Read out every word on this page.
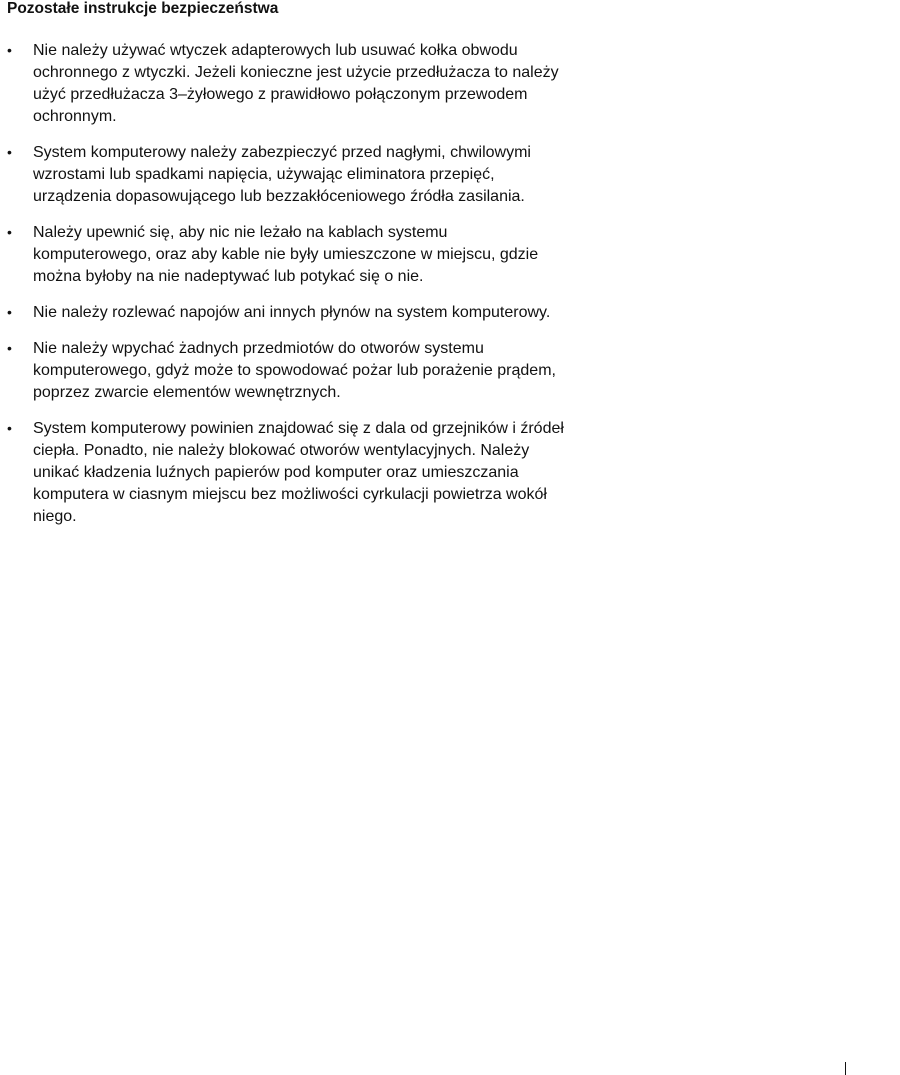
Pozostałe instrukcje bezpieczeństwa
• Nie należy używać wtyczek adapterowych lub usuwać kołka obwodu ochronnego z wtyczki. Jeżeli konieczne jest użycie przedłużacza to należy użyć przedłużacza 3–żyłowego z prawidłowo połączonym przewodem ochronnym.
• System komputerowy należy zabezpieczyć przed nagłymi, chwilowymi wzrostami lub spadkami napięcia, używając eliminatora przepięć, urządzenia dopasowującego lub bezzakłóceniowego źródła zasilania.
• Należy upewnić się, aby nic nie leżało na kablach systemu komputerowego, oraz aby kable nie były umieszczone w miejscu, gdzie można byłoby na nie nadeptywać lub potykać się o nie.
• Nie należy rozlewać napojów ani innych płynów na system komputerowy.
• Nie należy wpychać żadnych przedmiotów do otworów systemu komputerowego, gdyż może to spowodować pożar lub porażenie prądem, poprzez zwarcie elementów wewnętrznych.
• System komputerowy powinien znajdować się z dala od grzejników i źródeł ciepła. Ponadto, nie należy blokować otworów wentylacyjnych. Należy unikać kładzenia luźnych papierów pod komputer oraz umieszczania komputera w ciasnym miejscu bez możliwości cyrkulacji powietrza wokół niego.
